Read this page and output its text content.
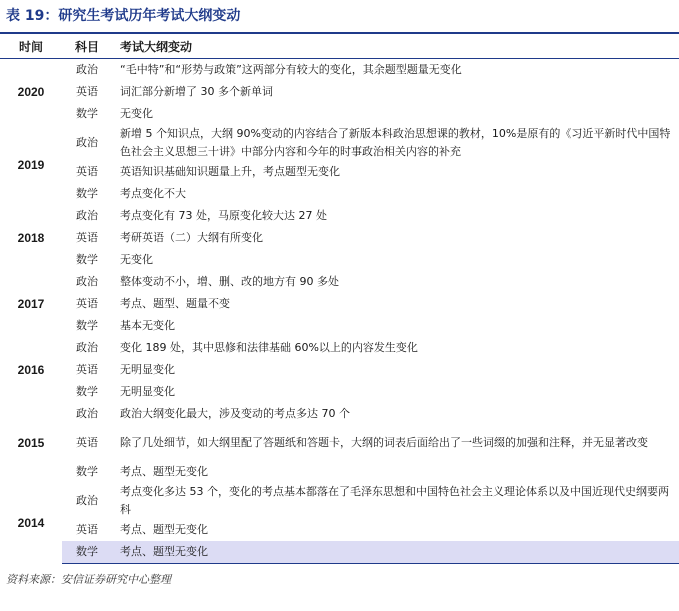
表 19：研究生考试历年考试大纲变动
时间	科目	考试大纲变动
2020	政治	“毛中特”和“形势与政策”这两部分有较大的变化，其余题型题量无变化
	英语	词汇部分新增了 30 多个新单词
	数学	无变化
2019	政治	新增 5 个知识点，大纲 90%变动的内容结合了新版本科政治思想课的教材，10%是原有的《习近平新时代中国特色社会主义思想三十讲》中部分内容和今年的时事政治相关内容的补充
	英语	英语知识基础知识题量上升，考点题型无变化
	数学	考点变化不大
2018	政治	考点变化有 73 处，马原变化较大达 27 处
	英语	考研英语（二）大纲有所变化
	数学	无变化
2017	政治	整体变动不小，增、删、改的地方有 90 多处
	英语	考点、题型、题量不变
	数学	基本无变化
2016	政治	变化 189 处，其中思修和法律基础 60%以上的内容发生变化
	英语	无明显变化
	数学	无明显变化
2015	政治	政治大纲变化最大，涉及变动的考点多达 70 个
	英语	除了几处细节，如大纲里配了答题纸和答题卡，大纲的词表后面给出了一些词缀的加强和注释，并无显著改变
	数学	考点、题型无变化
2014	政治	考点变化多达 53 个，变化的考点基本都落在了毛泽东思想和中国特色社会主义理论体系以及中国近现代史纲要两科
	英语	考点、题型无变化
	数学	考点、题型无变化
资料来源：安信证券研究中心整理
